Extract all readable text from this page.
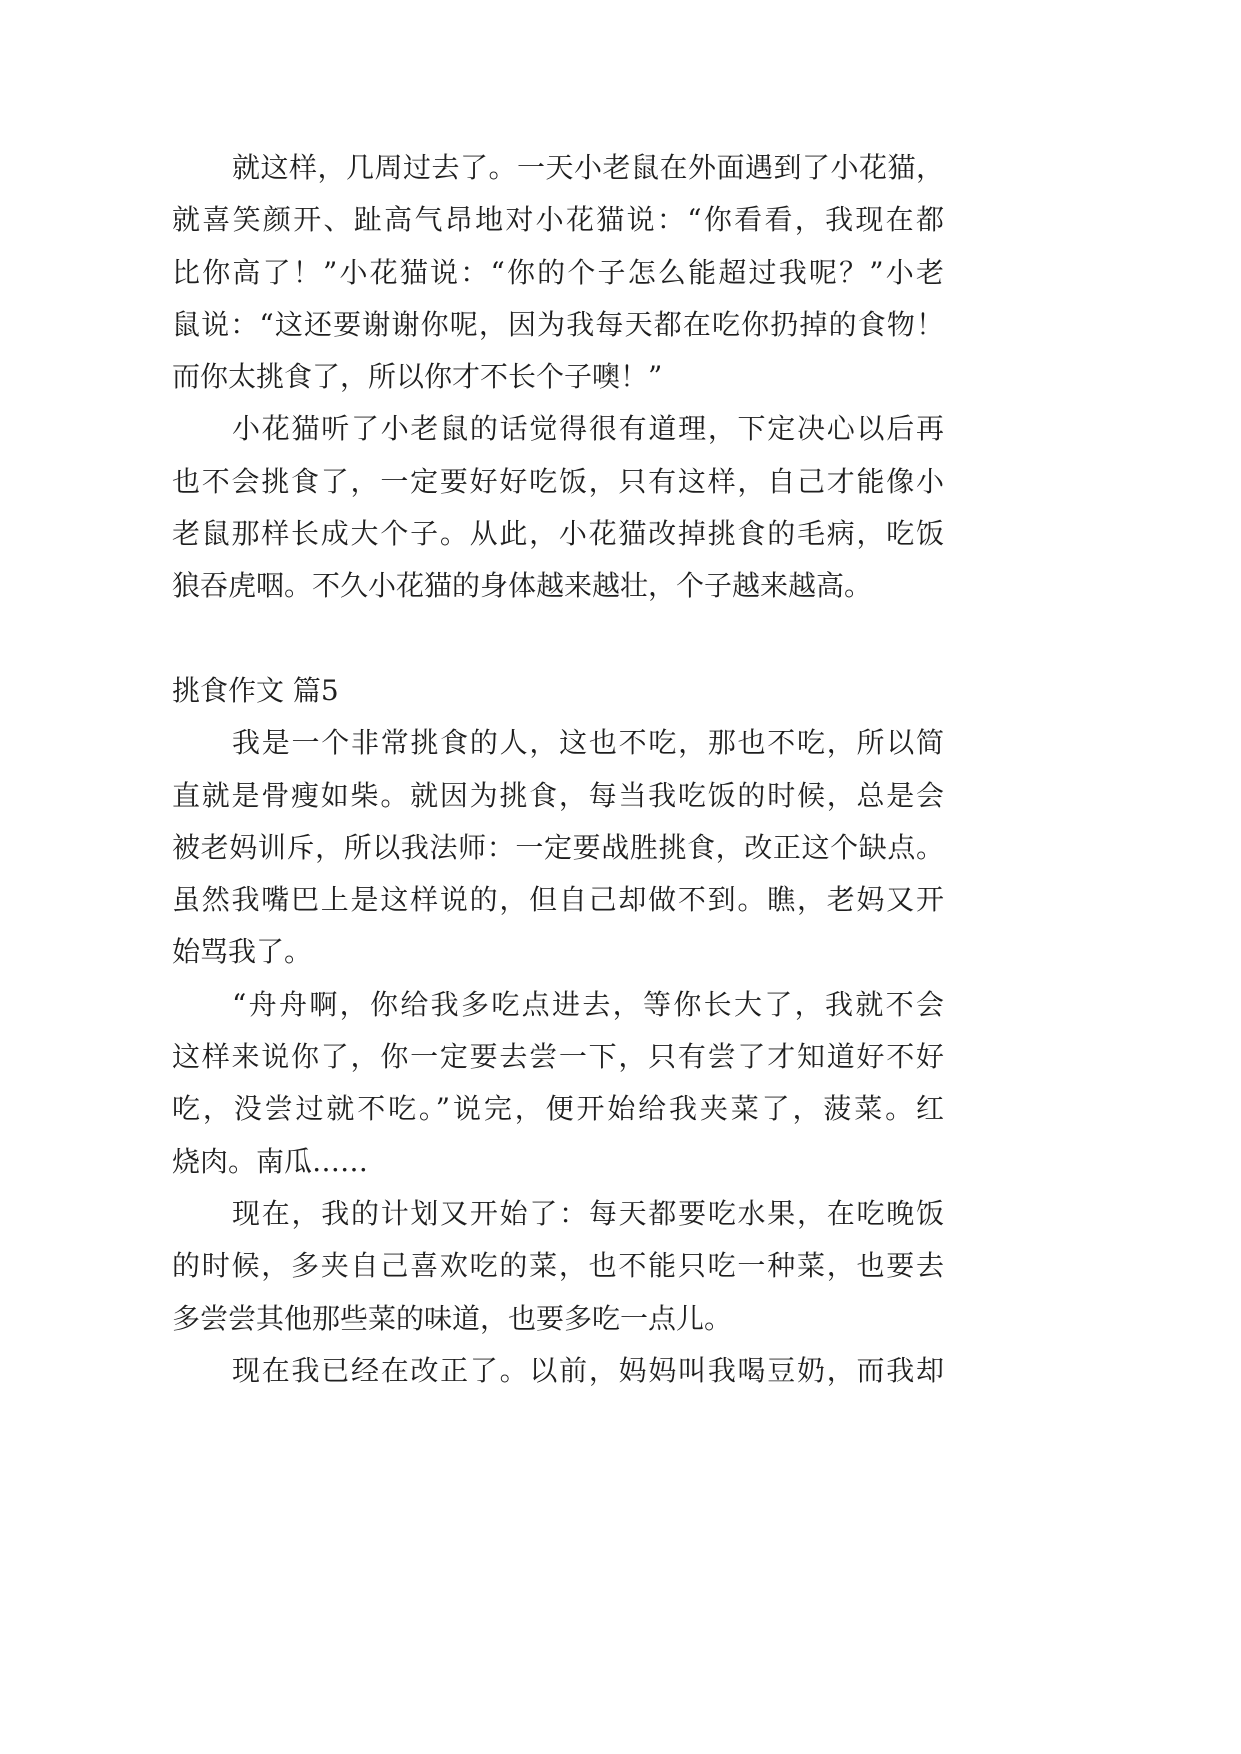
就这样，几周过去了。一天小老鼠在外面遇到了小花猫，
就喜笑颜开、趾高气昂地对小花猫说：“你看看，我现在都
比你高了！”小花猫说：“你的个子怎么能超过我呢？”小老
鼠说：“这还要谢谢你呢，因为我每天都在吃你扔掉的食物！
而你太挑食了，所以你才不长个子噢！”
小花猫听了小老鼠的话觉得很有道理，下定决心以后再
也不会挑食了，一定要好好吃饭，只有这样，自己才能像小
老鼠那样长成大个子。从此，小花猫改掉挑食的毛病，吃饭
狼吞虎咽。不久小花猫的身体越来越壮，个子越来越高。
挑食作文 篇5
我是一个非常挑食的人，这也不吃，那也不吃，所以简
直就是骨瘦如柴。就因为挑食，每当我吃饭的时候，总是会
被老妈训斥，所以我法师：一定要战胜挑食，改正这个缺点。
虽然我嘴巴上是这样说的，但自己却做不到。瞧，老妈又开
始骂我了。
“舟舟啊，你给我多吃点进去，等你长大了，我就不会
这样来说你了，你一定要去尝一下，只有尝了才知道好不好
吃，没尝过就不吃。”说完，便开始给我夹菜了，菠菜。红
烧肉。南瓜……
现在，我的计划又开始了：每天都要吃水果，在吃晚饭
的时候，多夹自己喜欢吃的菜，也不能只吃一种菜，也要去
多尝尝其他那些菜的味道，也要多吃一点儿。
现在我已经在改正了。以前，妈妈叫我喝豆奶，而我却
